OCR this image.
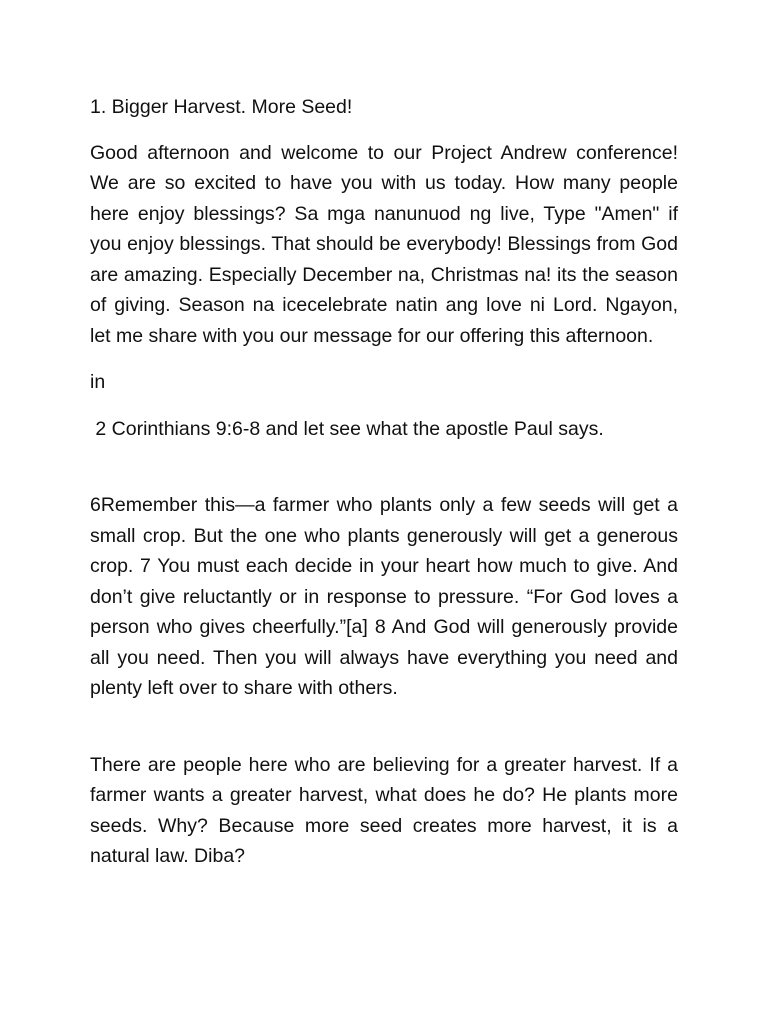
1. Bigger Harvest. More Seed!

Good afternoon and welcome to our Project Andrew conference! We are so excited to have you with us today. How many people here enjoy blessings? Sa mga nanunuod ng live, Type "Amen" if you enjoy blessings. That should be everybody! Blessings from God are amazing. Especially December na, Christmas na! its the season of giving. Season na icecelebrate natin ang love ni Lord. Ngayon, let me share with you our message for our offering this afternoon.

in

2 Corinthians 9:6-8 and let see what the apostle Paul says.

6Remember this—a farmer who plants only a few seeds will get a small crop. But the one who plants generously will get a generous crop. 7 You must each decide in your heart how much to give. And don’t give reluctantly or in response to pressure. “For God loves a person who gives cheerfully.”[a] 8 And God will generously provide all you need. Then you will always have everything you need and plenty left over to share with others.

There are people here who are believing for a greater harvest. If a farmer wants a greater harvest, what does he do? He plants more seeds. Why? Because more seed creates more harvest, it is a natural law. Diba?
